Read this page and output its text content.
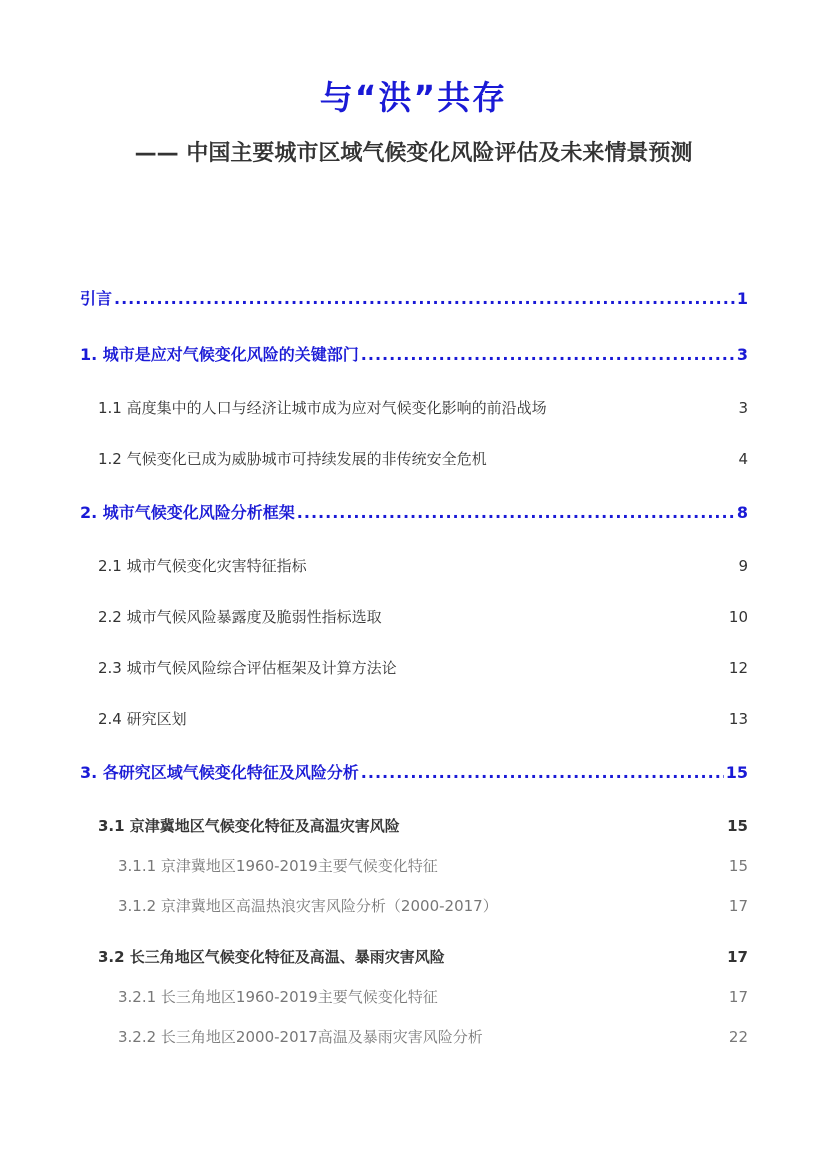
与“洪”共存
—— 中国主要城市区域气候变化风险评估及未来情景预测
引言 .....	1
1. 城市是应对气候变化风险的关键部门 .....	3
1.1 高度集中的人口与经济让城市成为应对气候变化影响的前沿战场	3
1.2 气候变化已成为威胁城市可持续发展的非传统安全危机	4
2. 城市气候变化风险分析框架 .....	8
2.1 城市气候变化灾害特征指标	9
2.2 城市气候风险暴露度及脆弱性指标选取	10
2.3 城市气候风险综合评估框架及计算方法论	12
2.4 研究区划	13
3. 各研究区域气候变化特征及风险分析 .....	15
3.1 京津冀地区气候变化特征及高温灾害风险	15
3.1.1 京津冀地区1960-2019主要气候变化特征	15
3.1.2 京津冀地区高温热浪灾害风险分析（2000-2017）	17
3.2 长三角地区气候变化特征及高温、暴雨灾害风险	17
3.2.1 长三角地区1960-2019主要气候变化特征	17
3.2.2 长三角地区2000-2017高温及暴雨灾害风险分析	22
